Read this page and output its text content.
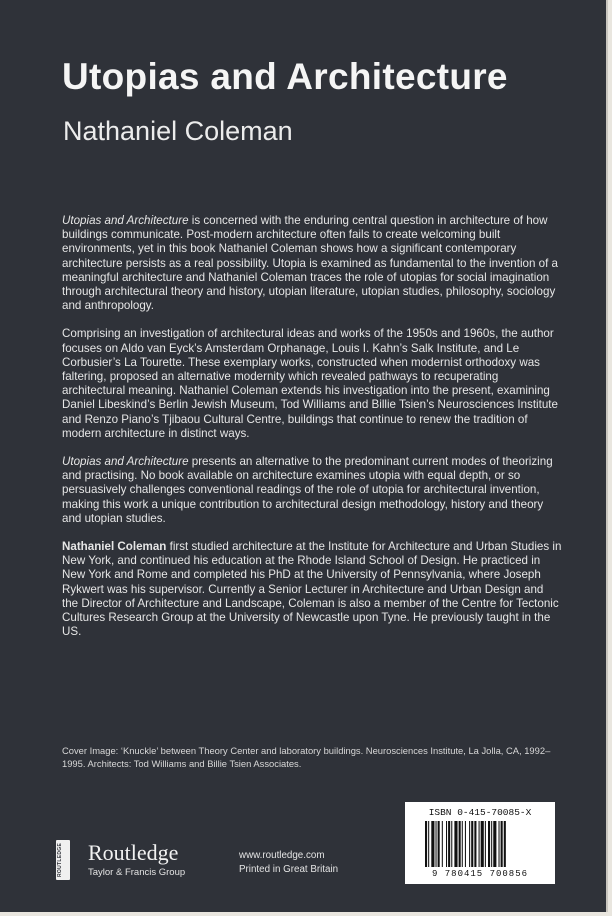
Utopias and Architecture
Nathaniel Coleman

Utopias and Architecture is concerned with the enduring central question in architecture of how buildings communicate. Post-modern architecture often fails to create welcoming built environments, yet in this book Nathaniel Coleman shows how a significant contemporary architecture persists as a real possibility. Utopia is examined as fundamental to the invention of a meaningful architecture and Nathaniel Coleman traces the role of utopias for social imagination through architectural theory and history, utopian literature, utopian studies, philosophy, sociology and anthropology.

Comprising an investigation of architectural ideas and works of the 1950s and 1960s, the author focuses on Aldo van Eyck’s Amsterdam Orphanage, Louis I. Kahn’s Salk Institute, and Le Corbusier’s La Tourette. These exemplary works, constructed when modernist orthodoxy was faltering, proposed an alternative modernity which revealed pathways to recuperating architectural meaning. Nathaniel Coleman extends his investigation into the present, examining Daniel Libeskind’s Berlin Jewish Museum, Tod Williams and Billie Tsien’s Neurosciences Institute and Renzo Piano’s Tjibaou Cultural Centre, buildings that continue to renew the tradition of modern architecture in distinct ways.

Utopias and Architecture presents an alternative to the predominant current modes of theorizing and practising. No book available on architecture examines utopia with equal depth, or so persuasively challenges conventional readings of the role of utopia for architectural invention, making this work a unique contribution to architectural design methodology, history and theory and utopian studies.

Nathaniel Coleman first studied architecture at the Institute for Architecture and Urban Studies in New York, and continued his education at the Rhode Island School of Design. He practiced in New York and Rome and completed his PhD at the University of Pennsylvania, where Joseph Rykwert was his supervisor. Currently a Senior Lecturer in Architecture and Urban Design and the Director of Architecture and Landscape, Coleman is also a member of the Centre for Tectonic Cultures Research Group at the University of Newcastle upon Tyne. He previously taught in the US.

Cover Image: ‘Knuckle’ between Theory Center and laboratory buildings. Neurosciences Institute, La Jolla, CA, 1992–1995. Architects: Tod Williams and Billie Tsien Associates.
ROUTLEDGE Routledge
Taylor & Francis Group
www.routledge.com
Printed in Great Britain
ISBN 0-415-70085-X
9 780415 700856
